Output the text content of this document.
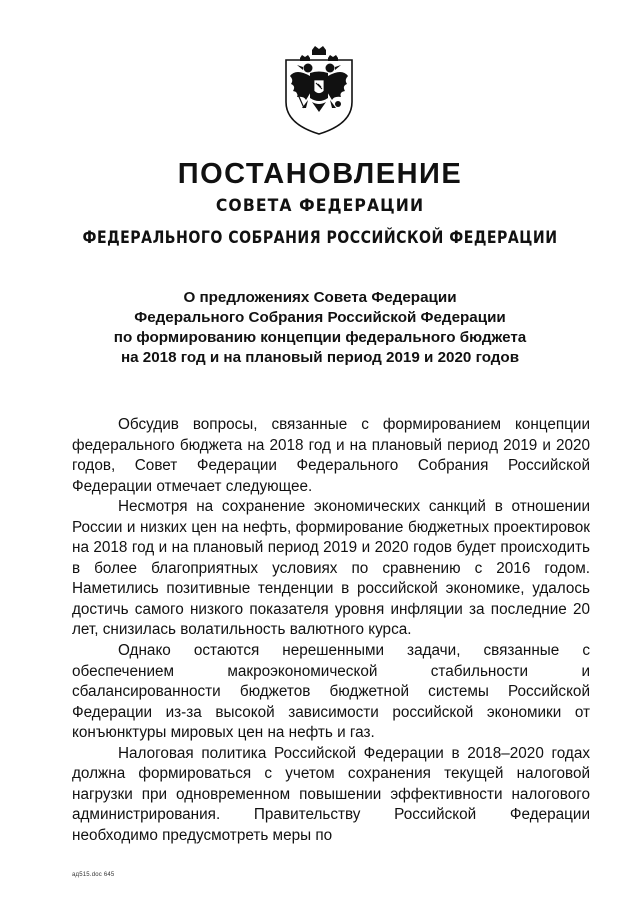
ПОСТАНОВЛЕНИЕ
СОВЕТА ФЕДЕРАЦИИ
ФЕДЕРАЛЬНОГО СОБРАНИЯ РОССИЙСКОЙ ФЕДЕРАЦИИ
О предложениях Совета Федерации
Федерального Собрания Российской Федерации
по формированию концепции федерального бюджета
на 2018 год и на плановый период 2019 и 2020 годов

Обсудив вопросы, связанные с формированием концепции федерального бюджета на 2018 год и на плановый период 2019 и 2020 годов, Совет Федерации Федерального Собрания Российской Федерации отмечает следующее.

Несмотря на сохранение экономических санкций в отношении России и низких цен на нефть, формирование бюджетных проектировок на 2018 год и на плановый период 2019 и 2020 годов будет происходить в более благоприятных условиях по сравнению с 2016 годом. Наметились позитивные тенденции в российской экономике, удалось достичь самого низкого показателя уровня инфляции за последние 20 лет, снизилась волатильность валютного курса.

Однако остаются нерешенными задачи, связанные с обеспечением макроэкономической стабильности и сбалансированности бюджетов бюджетной системы Российской Федерации из-за высокой зависимости российской экономики от конъюнктуры мировых цен на нефть и газ.

Налоговая политика Российской Федерации в 2018–2020 годах должна формироваться с учетом сохранения текущей налоговой нагрузки при одновременном повышении эффективности налогового администрирования. Правительству Российской Федерации необходимо предусмотреть меры по

ад515.doc 645
